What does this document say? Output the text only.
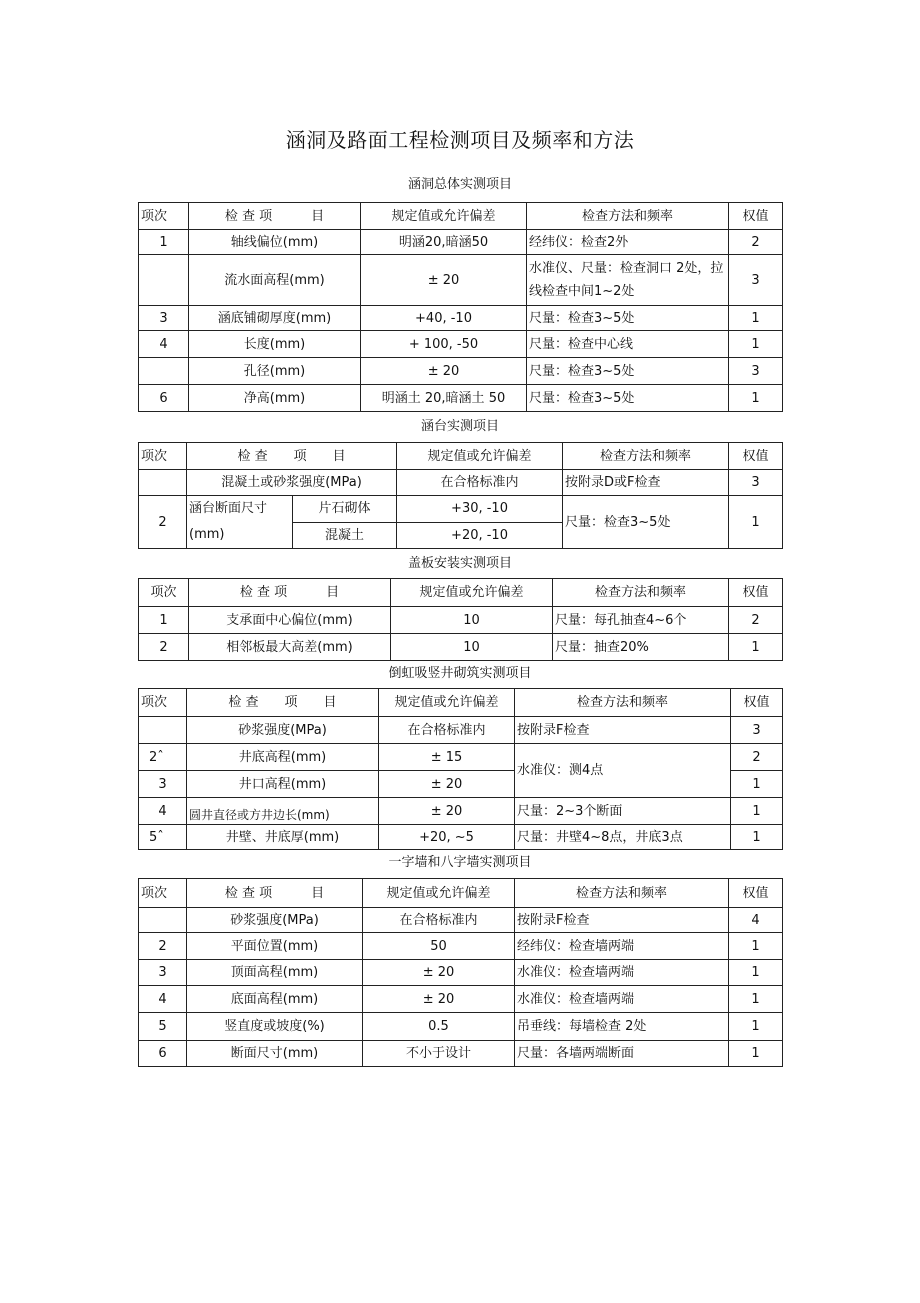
涵洞及路面工程检测项目及频率和方法
涵洞总体实测项目
项次	检 查 项　　　目	规定值或允许偏差	检查方法和频率	权值
1	轴线偏位(mm)	明涵20,暗涵50	经纬仪：检查2外	2
	流水面高程(mm)	± 20	水准仪、尺量：检查洞口 2处，拉线检查中间1~2处	3
3	涵底铺砌厚度(mm)	+40, -10	尺量：检查3~5处	1
4	长度(mm)	+ 100, -50	尺量：检查中心线	1
	孔径(mm)	± 20	尺量：检查3~5处	3
6	净高(mm)	明涵土 20,暗涵土 50	尺量：检查3~5处	1
涵台实测项目
项次	检 查　　项　　目		规定值或允许偏差	检查方法和频率	权值
	混凝土或砂浆强度(MPa)		在合格标准内	按附录D或F检查	3
2	涵台断面尺寸(mm)	片石砌体	+30, -10	尺量：检查3~5处	1
		混凝土	+20, -10		
盖板安装实测项目
项次	检 查 项　　　目	规定值或允许偏差	检查方法和频率	权值
1	支承面中心偏位(mm)	10	尺量：每孔抽查4~6个	2
2	相邻板最大高差(mm)	10	尺量：抽查20%	1
倒虹吸竖井砌筑实测项目
项次	检 查　　项　　目	规定值或允许偏差	检查方法和频率	权值
	砂浆强度(MPa)	在合格标准内	按附录F检查	3
2ˆ	井底高程(mm)	± 15	水准仪：测4点	2
3	井口高程(mm)	± 20		1
4	圆井直径或方井边长(mm)	± 20	尺量：2~3个断面	1
5ˆ	井壁、井底厚(mm)	+20, ~5	尺量：井壁4~8点，井底3点	1
一字墙和八字墙实测项目
项次	检 查 项　　　目	规定值或允许偏差	检查方法和频率	权值
	砂浆强度(MPa)	在合格标准内	按附录F检查	4
2	平面位置(mm)	50	经纬仪：检查墙两端	1
3	顶面高程(mm)	± 20	水准仪：检查墙两端	1
4	底面高程(mm)	± 20	水准仪：检查墙两端	1
5	竖直度或坡度(%)	0.5	吊垂线：每墙检查 2处	1
6	断面尺寸(mm)	不小于设计	尺量：各墙两端断面	1
